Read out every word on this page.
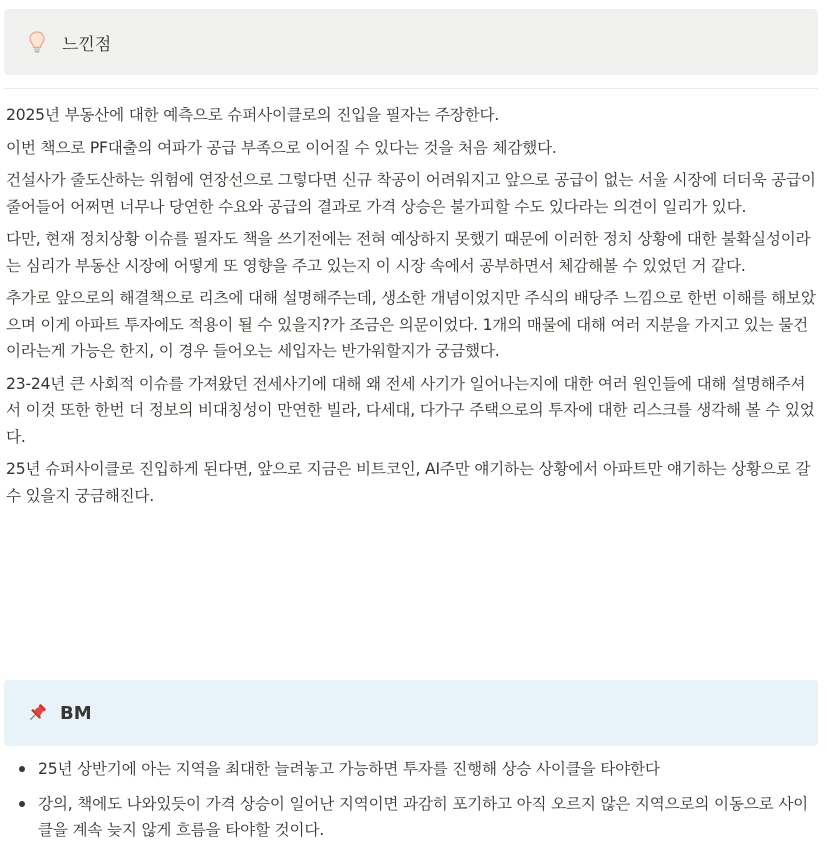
느낀점

2025년 부동산에 대한 예측으로 슈퍼사이클로의 진입을 필자는 주장한다.

이번 책으로 PF대출의 여파가 공급 부족으로 이어질 수 있다는 것을 처음 체감했다.

건설사가 줄도산하는 위험에 연장선으로 그렇다면 신규 착공이 어려워지고 앞으로 공급이 없는 서울 시장에 더더욱 공급이 줄어들어 어쩌면 너무나 당연한 수요와 공급의 결과로 가격 상승은 불가피할 수도 있다라는 의견이 일리가 있다.

다만, 현재 정치상황 이슈를 필자도 책을 쓰기전에는 전혀 예상하지 못했기 때문에 이러한 정치 상황에 대한 불확실성이라는 심리가 부동산 시장에 어떻게 또 영향을 주고 있는지 이 시장 속에서 공부하면서 체감해볼 수 있었던 거 같다.

추가로 앞으로의 해결책으로 리츠에 대해 설명해주는데, 생소한 개념이었지만 주식의 배당주 느낌으로 한번 이해를 해보았으며 이게 아파트 투자에도 적용이 될 수 있을지?가 조금은 의문이었다. 1개의 매물에 대해 여러 지분을 가지고 있는 물건이라는게 가능은 한지, 이 경우 들어오는 세입자는 반가워할지가 궁금했다.

23-24년 큰 사회적 이슈를 가져왔던 전세사기에 대해 왜 전세 사기가 일어나는지에 대한 여러 원인들에 대해 설명해주셔서 이것 또한 한번 더 정보의 비대칭성이 만연한 빌라, 다세대, 다가구 주택으로의 투자에 대한 리스크를 생각해 볼 수 있었다.

25년 슈퍼사이클로 진입하게 된다면, 앞으로 지금은 비트코인, AI주만 얘기하는 상황에서 아파트만 얘기하는 상황으로 갈 수 있을지 궁금해진다.

BM
25년 상반기에 아는 지역을 최대한 늘려놓고 가능하면 투자를 진행해 상승 사이클을 타야한다
강의, 책에도 나와있듯이 가격 상승이 일어난 지역이면 과감히 포기하고 아직 오르지 않은 지역으로의 이동으로 사이클을 계속 늦지 않게 흐름을 타야할 것이다.
